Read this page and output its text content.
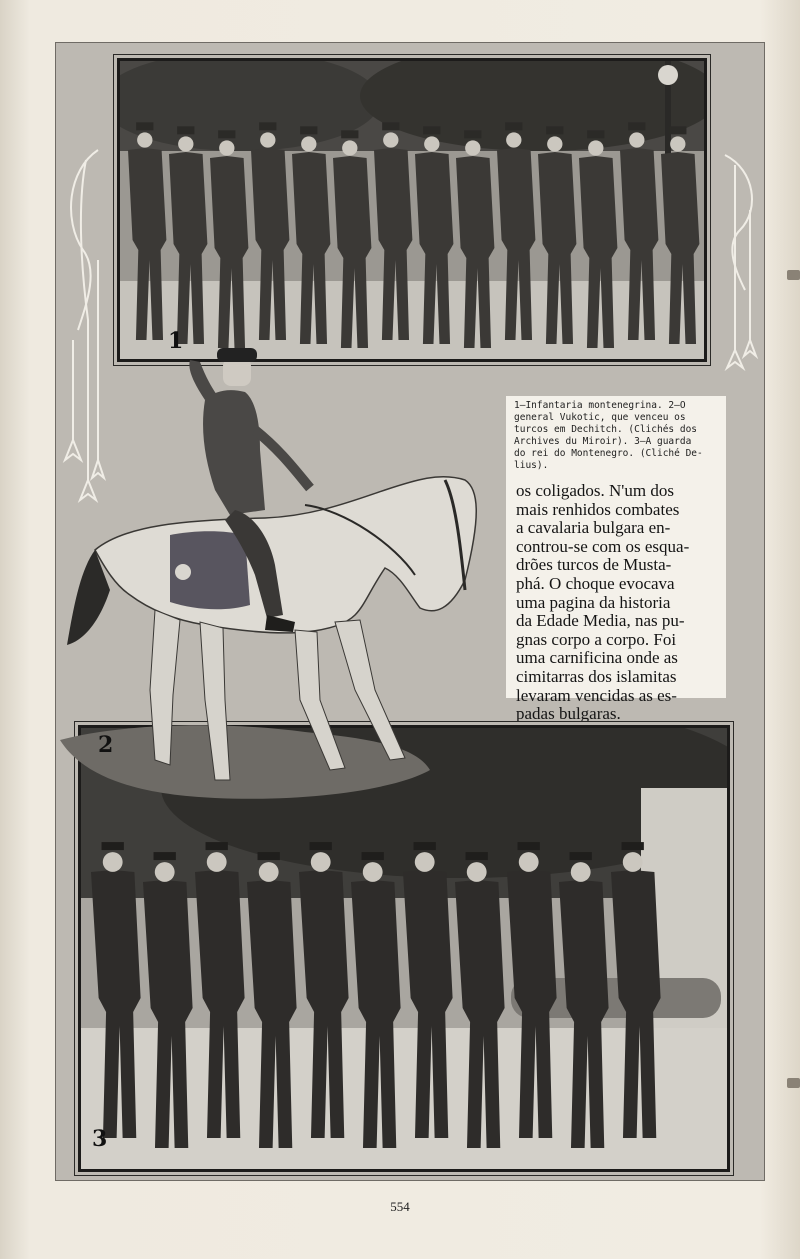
1
1—Infantaria montenegrina. 2—O
general Vukotic, que venceu os
turcos em Dechitch. (Clichés dos
Archives du Miroir). 3—A guarda
do rei do Montenegro. (Cliché De-
lius).
os coligados. N'um dos
mais renhidos combates
a cavalaria bulgara en-
controu-se com os esqua-
drões turcos de Musta-
phá. O choque evocava
uma pagina da historia
da Edade Media, nas pu-
gnas corpo a corpo. Foi
uma carnificina onde as
cimitarras dos islamitas
levaram vencidas as es-
padas bulgaras.
3
2
554
